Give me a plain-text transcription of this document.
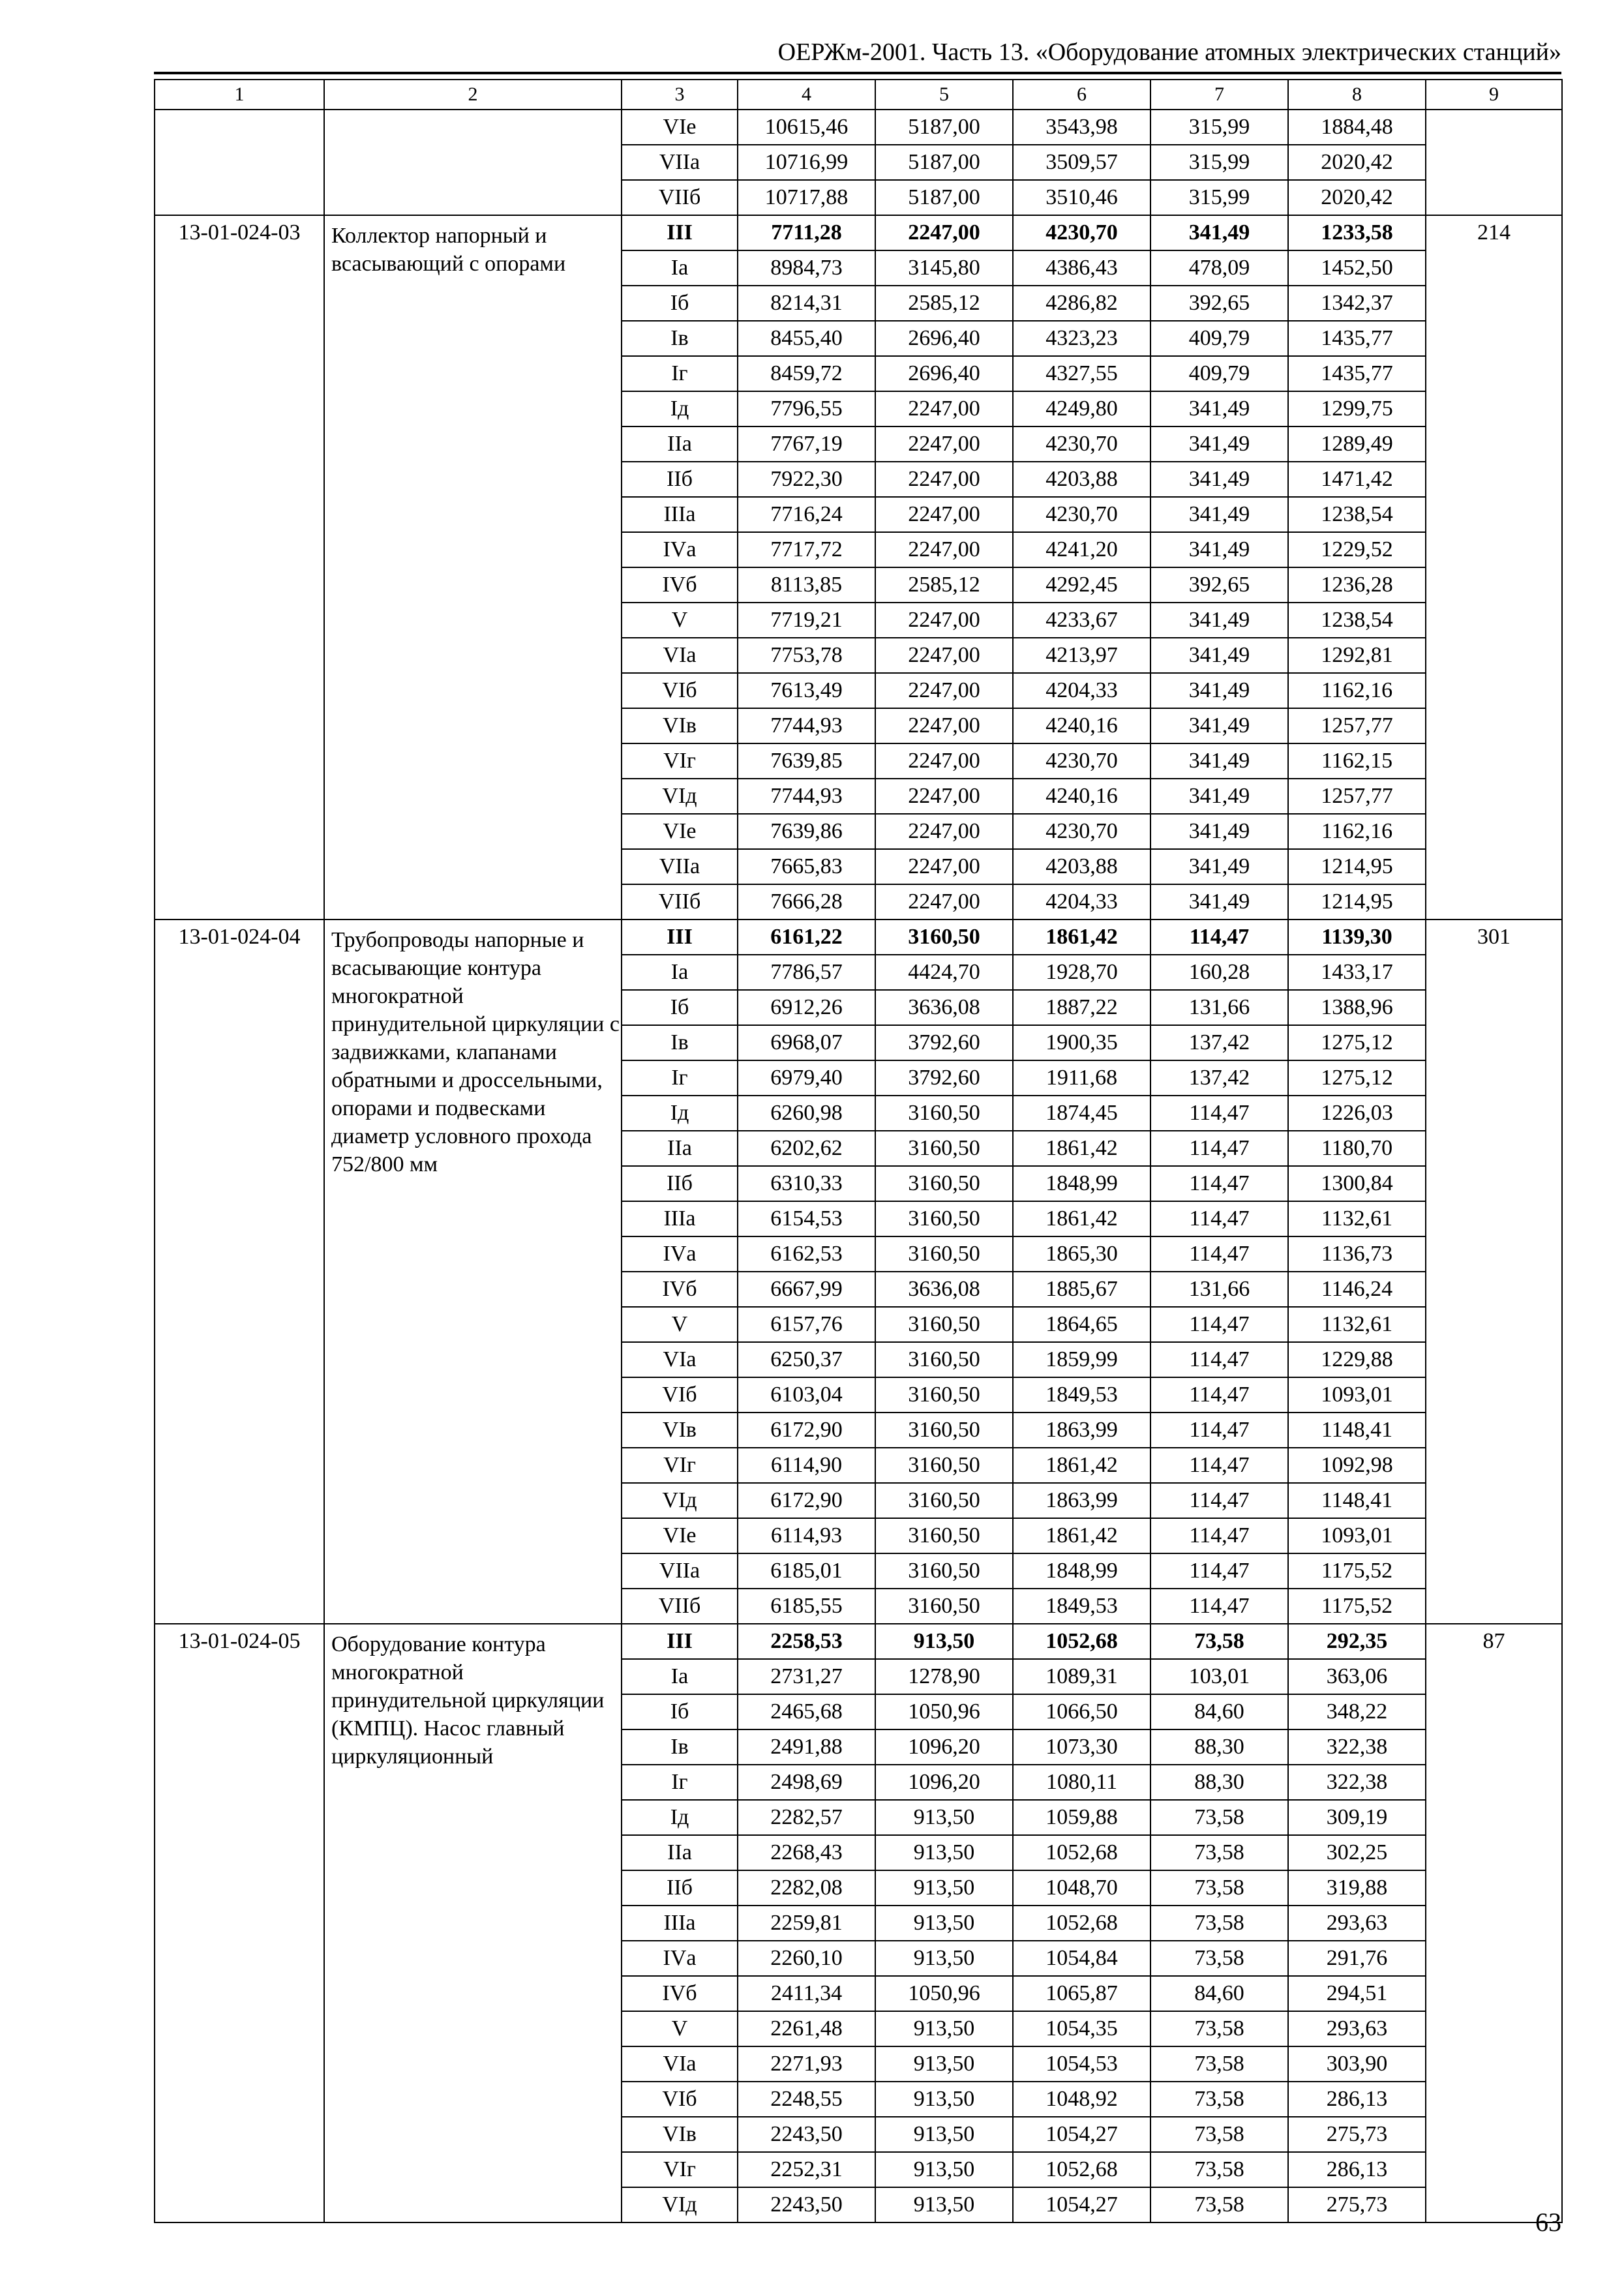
ОЕРЖм-2001. Часть 13. «Оборудование атомных электрических станций»
1	2	3	4	5	6	7	8	9
		VIе	10615,46	5187,00	3543,98	315,99	1884,48	
		VIIа	10716,99	5187,00	3509,57	315,99	2020,42	
		VIIб	10717,88	5187,00	3510,46	315,99	2020,42	
13-01-024-03	Коллектор напорный и всасывающий с опорами	III	7711,28	2247,00	4230,70	341,49	1233,58	214
		Iа	8984,73	3145,80	4386,43	478,09	1452,50	
		Iб	8214,31	2585,12	4286,82	392,65	1342,37	
		Iв	8455,40	2696,40	4323,23	409,79	1435,77	
		Iг	8459,72	2696,40	4327,55	409,79	1435,77	
		Iд	7796,55	2247,00	4249,80	341,49	1299,75	
		IIа	7767,19	2247,00	4230,70	341,49	1289,49	
		IIб	7922,30	2247,00	4203,88	341,49	1471,42	
		IIIа	7716,24	2247,00	4230,70	341,49	1238,54	
		IVа	7717,72	2247,00	4241,20	341,49	1229,52	
		IVб	8113,85	2585,12	4292,45	392,65	1236,28	
		V	7719,21	2247,00	4233,67	341,49	1238,54	
		VIа	7753,78	2247,00	4213,97	341,49	1292,81	
		VIб	7613,49	2247,00	4204,33	341,49	1162,16	
		VIв	7744,93	2247,00	4240,16	341,49	1257,77	
		VIг	7639,85	2247,00	4230,70	341,49	1162,15	
		VIд	7744,93	2247,00	4240,16	341,49	1257,77	
		VIе	7639,86	2247,00	4230,70	341,49	1162,16	
		VIIа	7665,83	2247,00	4203,88	341,49	1214,95	
		VIIб	7666,28	2247,00	4204,33	341,49	1214,95	
13-01-024-04	Трубопроводы напорные и всасывающие контура многократной принудительной циркуляции с задвижками, клапанами обратными и дроссельными, опорами и подвесками диаметр условного прохода 752/800 мм	III	6161,22	3160,50	1861,42	114,47	1139,30	301
		Iа	7786,57	4424,70	1928,70	160,28	1433,17	
		Iб	6912,26	3636,08	1887,22	131,66	1388,96	
		Iв	6968,07	3792,60	1900,35	137,42	1275,12	
		Iг	6979,40	3792,60	1911,68	137,42	1275,12	
		Iд	6260,98	3160,50	1874,45	114,47	1226,03	
		IIа	6202,62	3160,50	1861,42	114,47	1180,70	
		IIб	6310,33	3160,50	1848,99	114,47	1300,84	
		IIIа	6154,53	3160,50	1861,42	114,47	1132,61	
		IVа	6162,53	3160,50	1865,30	114,47	1136,73	
		IVб	6667,99	3636,08	1885,67	131,66	1146,24	
		V	6157,76	3160,50	1864,65	114,47	1132,61	
		VIа	6250,37	3160,50	1859,99	114,47	1229,88	
		VIб	6103,04	3160,50	1849,53	114,47	1093,01	
		VIв	6172,90	3160,50	1863,99	114,47	1148,41	
		VIг	6114,90	3160,50	1861,42	114,47	1092,98	
		VIд	6172,90	3160,50	1863,99	114,47	1148,41	
		VIе	6114,93	3160,50	1861,42	114,47	1093,01	
		VIIа	6185,01	3160,50	1848,99	114,47	1175,52	
		VIIб	6185,55	3160,50	1849,53	114,47	1175,52	
13-01-024-05	Оборудование контура многократной принудительной циркуляции (КМПЦ). Насос главный циркуляционный	III	2258,53	913,50	1052,68	73,58	292,35	87
		Iа	2731,27	1278,90	1089,31	103,01	363,06	
		Iб	2465,68	1050,96	1066,50	84,60	348,22	
		Iв	2491,88	1096,20	1073,30	88,30	322,38	
		Iг	2498,69	1096,20	1080,11	88,30	322,38	
		Iд	2282,57	913,50	1059,88	73,58	309,19	
		IIа	2268,43	913,50	1052,68	73,58	302,25	
		IIб	2282,08	913,50	1048,70	73,58	319,88	
		IIIа	2259,81	913,50	1052,68	73,58	293,63	
		IVа	2260,10	913,50	1054,84	73,58	291,76	
		IVб	2411,34	1050,96	1065,87	84,60	294,51	
		V	2261,48	913,50	1054,35	73,58	293,63	
		VIа	2271,93	913,50	1054,53	73,58	303,90	
		VIб	2248,55	913,50	1048,92	73,58	286,13	
		VIв	2243,50	913,50	1054,27	73,58	275,73	
		VIг	2252,31	913,50	1052,68	73,58	286,13	
		VIд	2243,50	913,50	1054,27	73,58	275,73	
63
